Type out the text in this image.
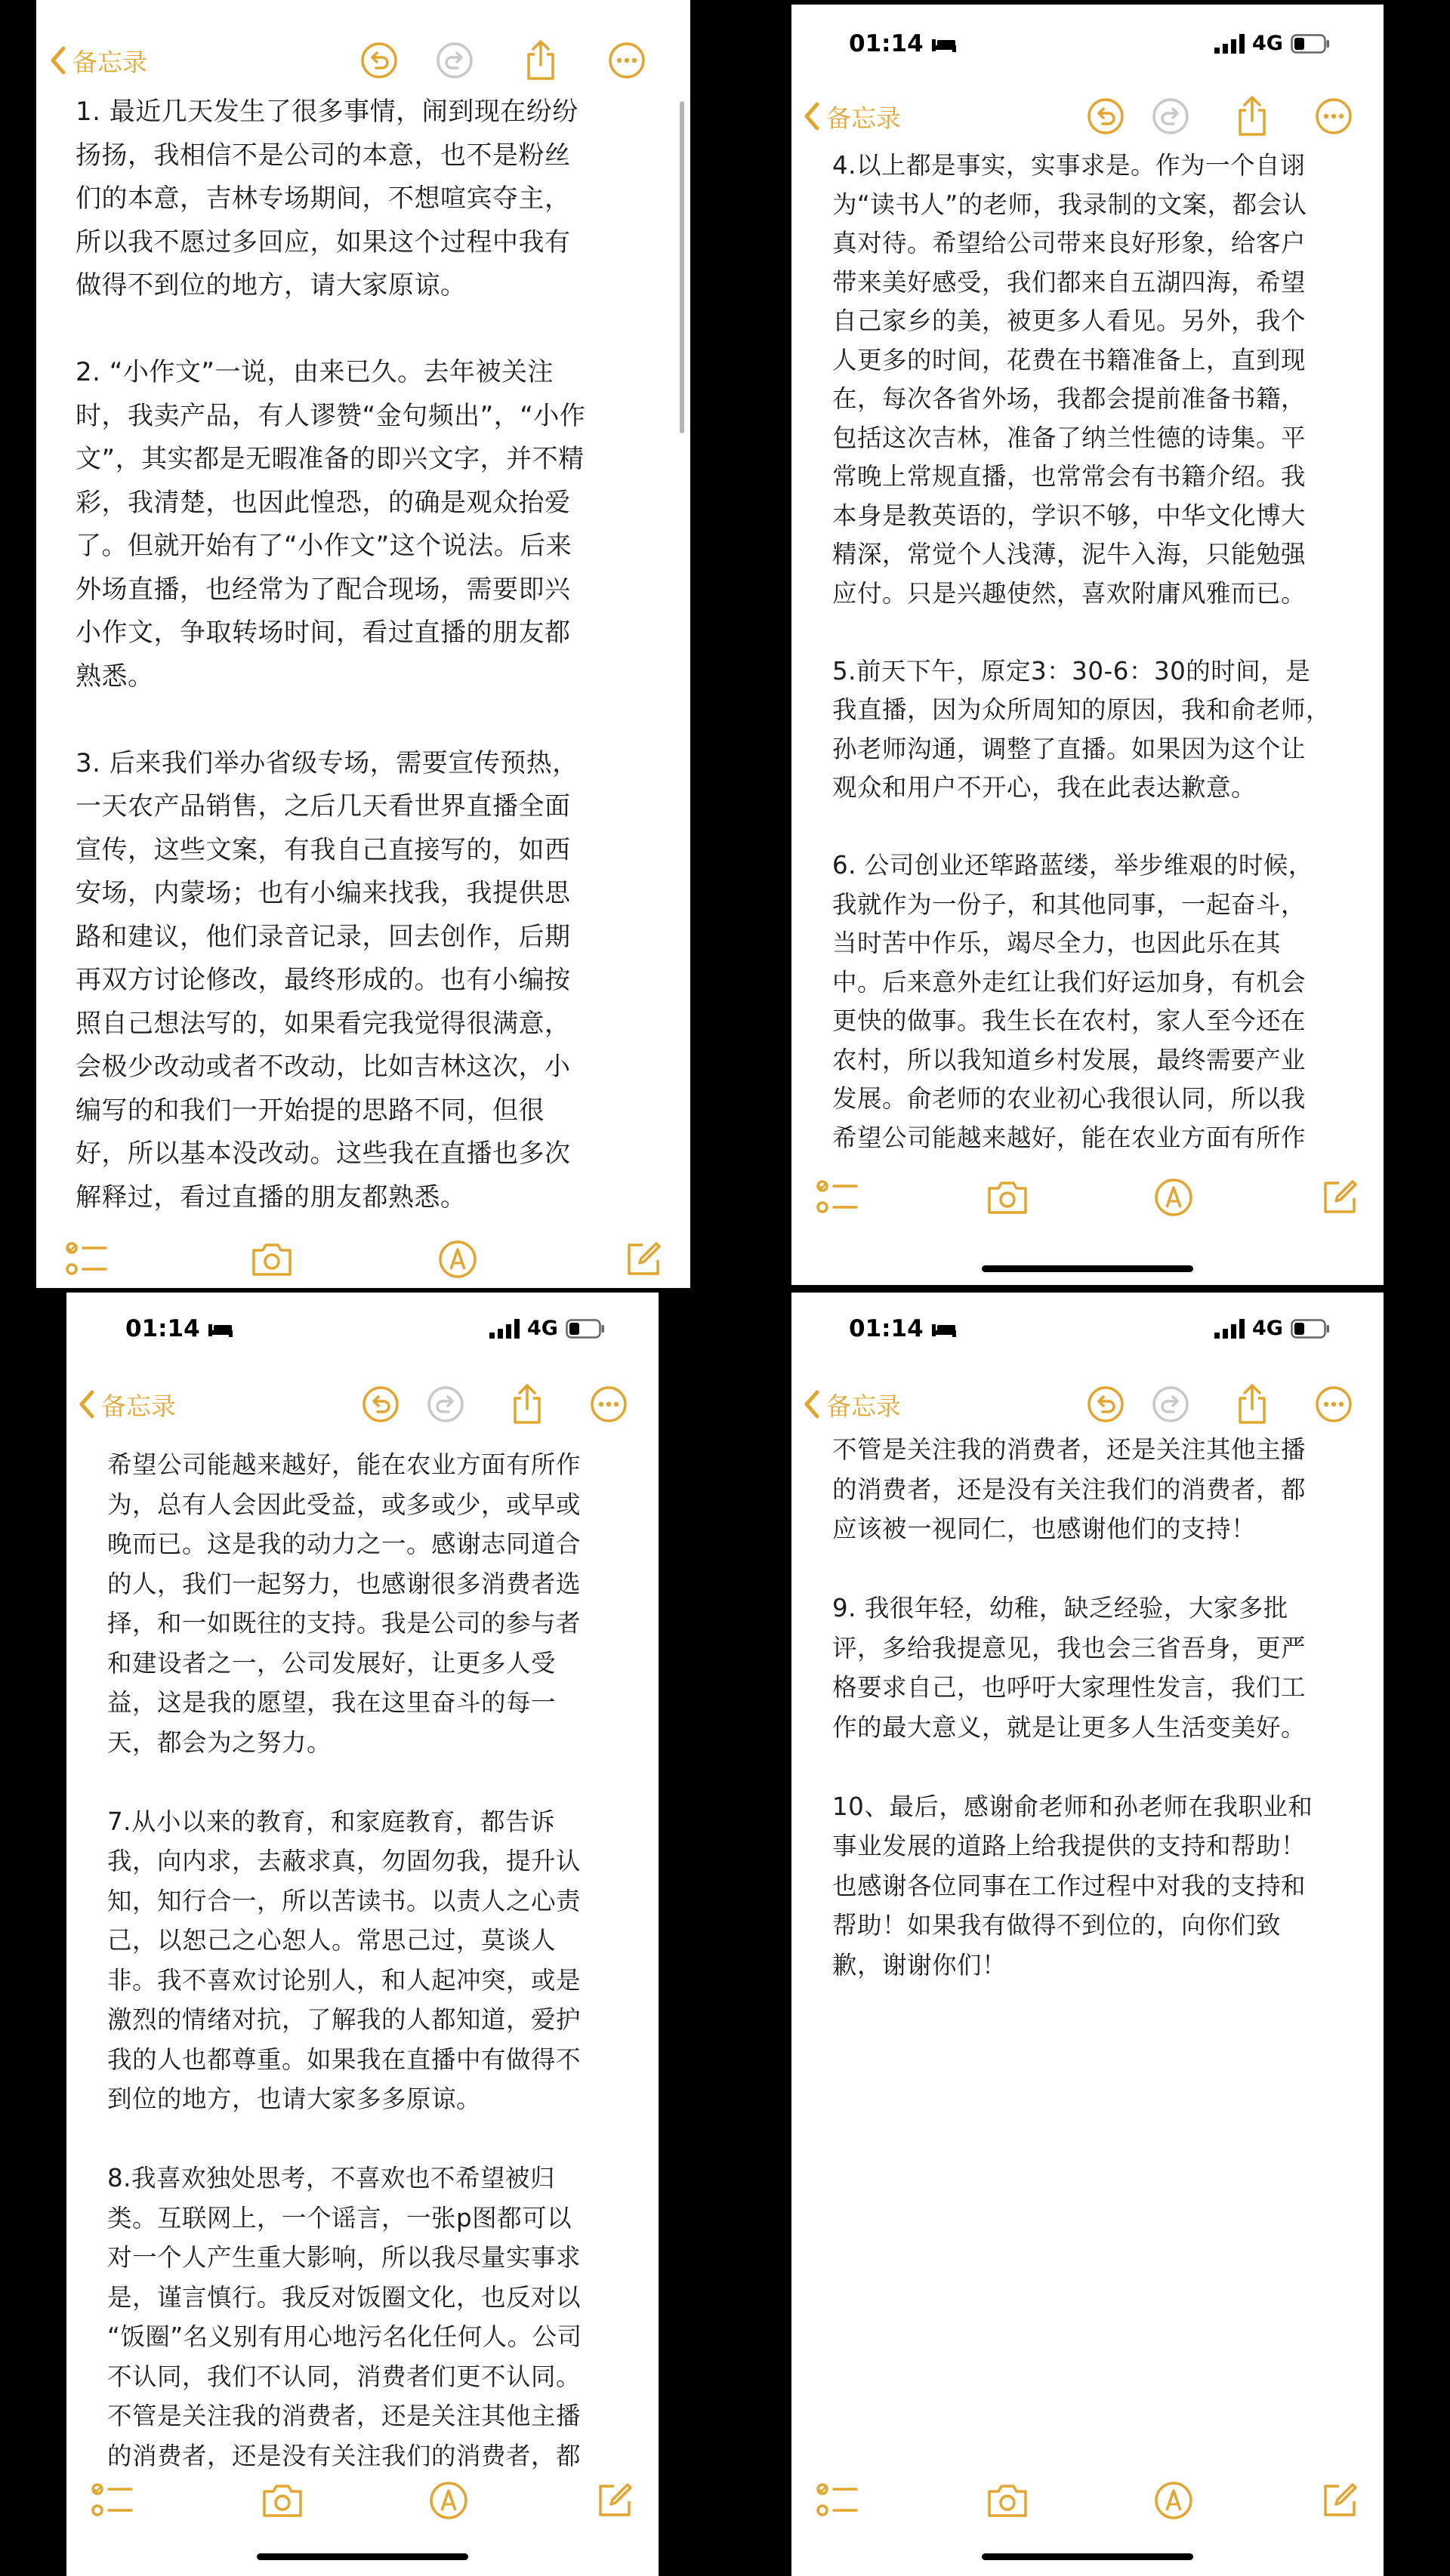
备忘录
1. 最近几天发生了很多事情，闹到现在纷纷
扬扬，我相信不是公司的本意，也不是粉丝
们的本意，吉林专场期间，不想喧宾夺主，
所以我不愿过多回应，如果这个过程中我有
做得不到位的地方，请大家原谅。

2. “小作文”一说，由来已久。去年被关注
时，我卖产品，有人谬赞“金句频出”，“小作
文”，其实都是无暇准备的即兴文字，并不精
彩，我清楚，也因此惶恐，的确是观众抬爱
了。但就开始有了“小作文”这个说法。后来
外场直播，也经常为了配合现场，需要即兴
小作文，争取转场时间，看过直播的朋友都
熟悉。

3. 后来我们举办省级专场，需要宣传预热，
一天农产品销售，之后几天看世界直播全面
宣传，这些文案，有我自己直接写的，如西
安场，内蒙场；也有小编来找我，我提供思
路和建议，他们录音记录，回去创作，后期
再双方讨论修改，最终形成的。也有小编按
照自己想法写的，如果看完我觉得很满意，
会极少改动或者不改动，比如吉林这次，小
编写的和我们一开始提的思路不同，但很
好，所以基本没改动。这些我在直播也多次
解释过，看过直播的朋友都熟悉。
01:14	4G
备忘录
4.以上都是事实，实事求是。作为一个自诩
为“读书人”的老师，我录制的文案，都会认
真对待。希望给公司带来良好形象，给客户
带来美好感受，我们都来自五湖四海，希望
自己家乡的美，被更多人看见。另外，我个
人更多的时间，花费在书籍准备上，直到现
在，每次各省外场，我都会提前准备书籍，
包括这次吉林，准备了纳兰性德的诗集。平
常晚上常规直播，也常常会有书籍介绍。我
本身是教英语的，学识不够，中华文化博大
精深，常觉个人浅薄，泥牛入海，只能勉强
应付。只是兴趣使然，喜欢附庸风雅而已。

5.前天下午，原定3：30-6：30的时间，是
我直播，因为众所周知的原因，我和俞老师，
孙老师沟通，调整了直播。如果因为这个让
观众和用户不开心，我在此表达歉意。

6. 公司创业还筚路蓝缕，举步维艰的时候，
我就作为一份子，和其他同事，一起奋斗，
当时苦中作乐，竭尽全力，也因此乐在其
中。后来意外走红让我们好运加身，有机会
更快的做事。我生长在农村，家人至今还在
农村，所以我知道乡村发展，最终需要产业
发展。俞老师的农业初心我很认同，所以我
希望公司能越来越好，能在农业方面有所作
01:14	4G
备忘录
希望公司能越来越好，能在农业方面有所作
为，总有人会因此受益，或多或少，或早或
晚而已。这是我的动力之一。感谢志同道合
的人，我们一起努力，也感谢很多消费者选
择，和一如既往的支持。我是公司的参与者
和建设者之一，公司发展好，让更多人受
益，这是我的愿望，我在这里奋斗的每一
天，都会为之努力。

7.从小以来的教育，和家庭教育，都告诉
我，向内求，去蔽求真，勿固勿我，提升认
知，知行合一，所以苦读书。以责人之心责
己，以恕己之心恕人。常思己过，莫谈人
非。我不喜欢讨论别人，和人起冲突，或是
激烈的情绪对抗，了解我的人都知道，爱护
我的人也都尊重。如果我在直播中有做得不
到位的地方，也请大家多多原谅。

8.我喜欢独处思考，不喜欢也不希望被归
类。互联网上，一个谣言，一张p图都可以
对一个人产生重大影响，所以我尽量实事求
是，谨言慎行。我反对饭圈文化，也反对以
“饭圈”名义别有用心地污名化任何人。公司
不认同，我们不认同，消费者们更不认同。
不管是关注我的消费者，还是关注其他主播
的消费者，还是没有关注我们的消费者，都
01:14	4G
备忘录
不管是关注我的消费者，还是关注其他主播
的消费者，还是没有关注我们的消费者，都
应该被一视同仁，也感谢他们的支持！

9. 我很年轻，幼稚，缺乏经验，大家多批
评，多给我提意见，我也会三省吾身，更严
格要求自己，也呼吁大家理性发言，我们工
作的最大意义，就是让更多人生活变美好。

10、最后，感谢俞老师和孙老师在我职业和
事业发展的道路上给我提供的支持和帮助！
也感谢各位同事在工作过程中对我的支持和
帮助！如果我有做得不到位的，向你们致
歉，谢谢你们！
